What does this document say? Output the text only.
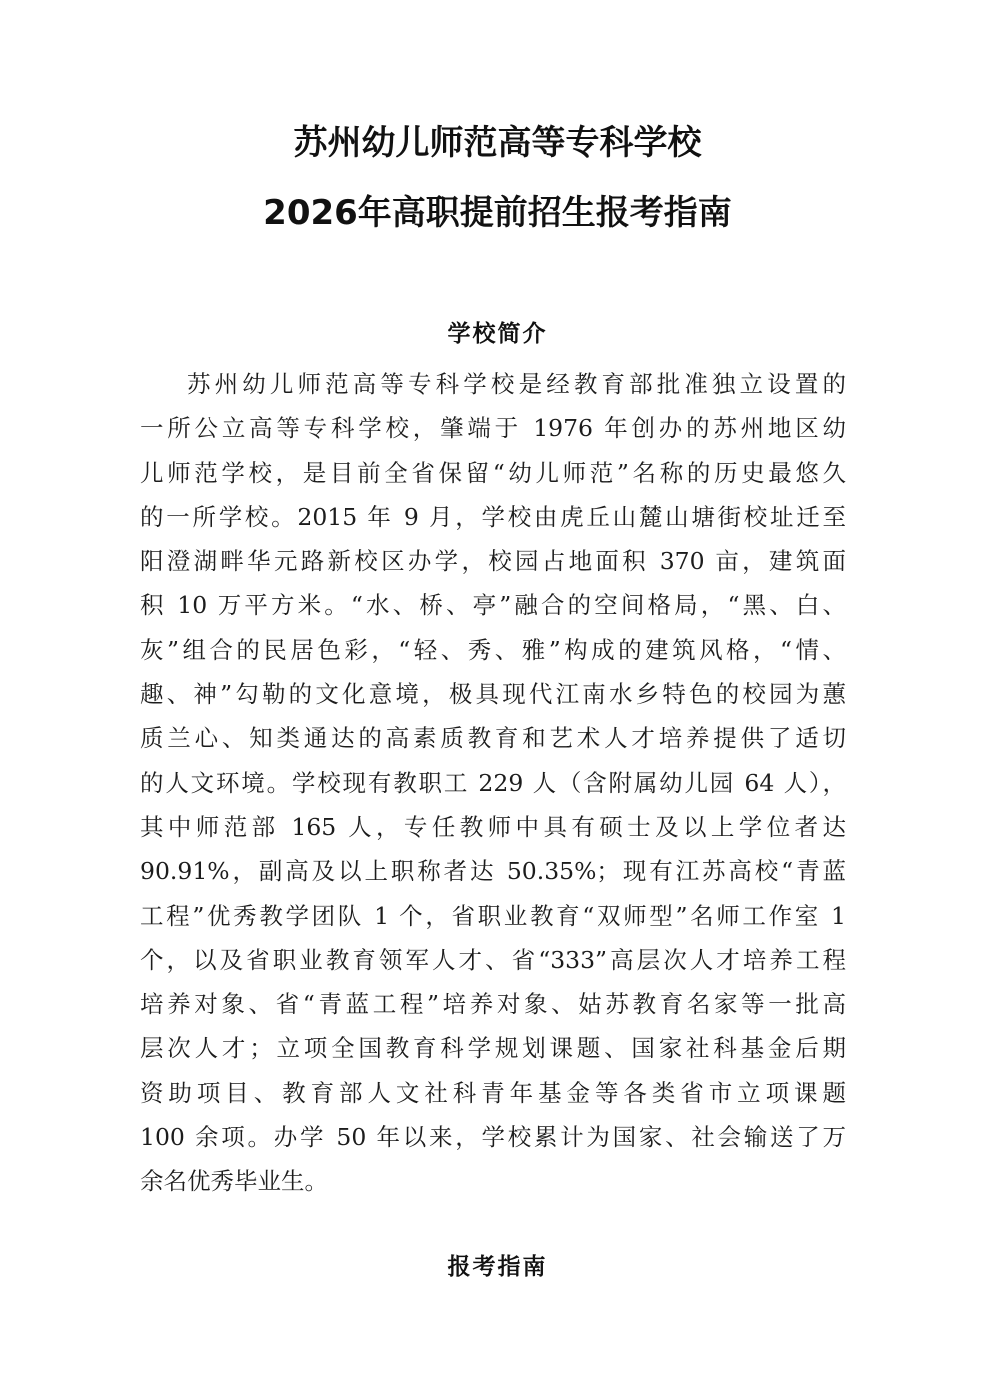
苏州幼儿师范高等专科学校
2026年高职提前招生报考指南
学校简介
苏州幼儿师范高等专科学校是经教育部批准独立设置的
一所公立高等专科学校，肇端于 1976 年创办的苏州地区幼
儿师范学校，是目前全省保留“幼儿师范”名称的历史最悠久
的一所学校。2015 年 9 月，学校由虎丘山麓山塘街校址迁至
阳澄湖畔华元路新校区办学，校园占地面积 370 亩，建筑面
积 10 万平方米。“水、桥、亭”融合的空间格局，“黑、白、
灰”组合的民居色彩，“轻、秀、雅”构成的建筑风格，“情、
趣、神”勾勒的文化意境，极具现代江南水乡特色的校园为蕙
质兰心、知类通达的高素质教育和艺术人才培养提供了适切
的人文环境。学校现有教职工 229 人（含附属幼儿园 64 人），
其中师范部 165 人，专任教师中具有硕士及以上学位者达
90.91%，副高及以上职称者达 50.35%；现有江苏高校“青蓝
工程”优秀教学团队 1 个，省职业教育“双师型”名师工作室 1
个，以及省职业教育领军人才、省“333”高层次人才培养工程
培养对象、省“青蓝工程”培养对象、姑苏教育名家等一批高
层次人才；立项全国教育科学规划课题、国家社科基金后期
资助项目、教育部人文社科青年基金等各类省市立项课题
100 余项。办学 50 年以来，学校累计为国家、社会输送了万
余名优秀毕业生。
报考指南
